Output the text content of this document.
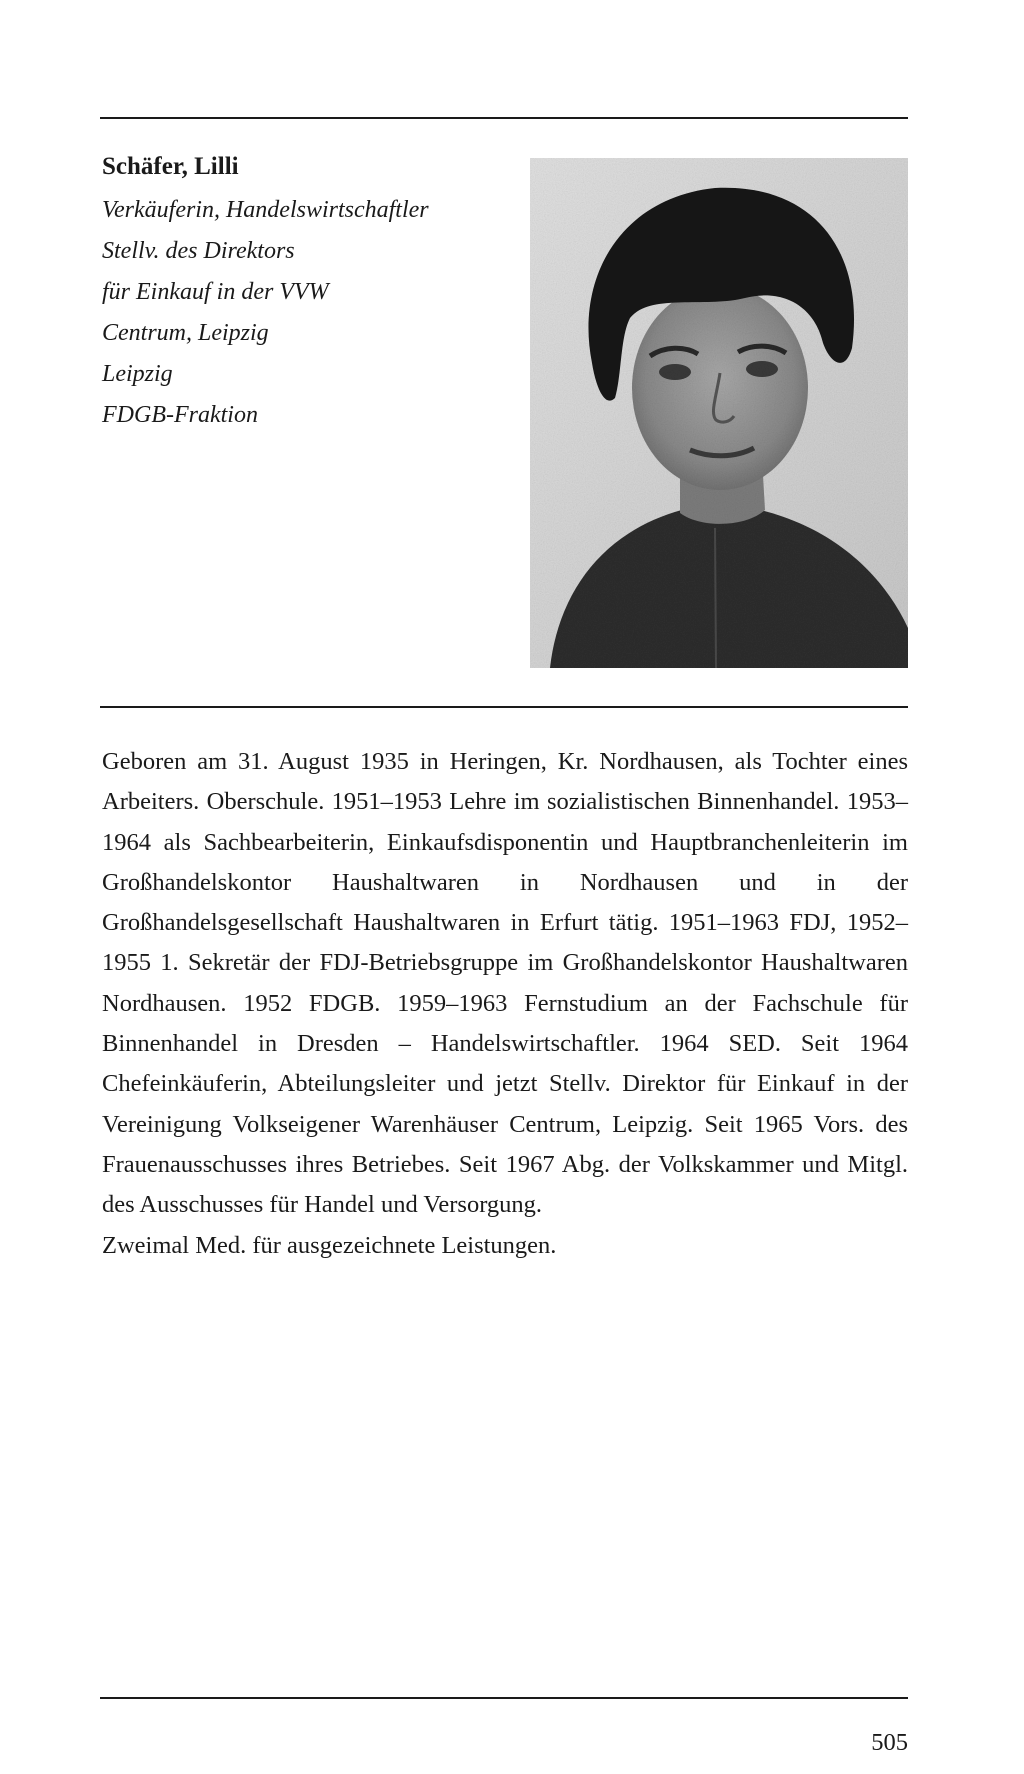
Schäfer, Lilli
Verkäuferin, Handelswirtschaftler
Stellv. des Direktors
für Einkauf in der VVW
Centrum, Leipzig
Leipzig
FDGB-Fraktion

Geboren am 31. August 1935 in Heringen, Kr. Nordhausen, als Tochter eines Arbeiters. Oberschule. 1951–1953 Lehre im sozialistischen Binnenhandel. 1953–1964 als Sachbearbeiterin, Einkaufsdisponentin und Hauptbranchenleiterin im Großhandelskontor Haushaltwaren in Nordhausen und in der Großhandelsgesellschaft Haushaltwaren in Erfurt tätig. 1951–1963 FDJ, 1952–1955 1. Sekretär der FDJ-Betriebsgruppe im Großhandelskontor Haushaltwaren Nordhausen. 1952 FDGB. 1959–1963 Fernstudium an der Fachschule für Binnenhandel in Dresden – Handelswirtschaftler. 1964 SED. Seit 1964 Chefeinkäuferin, Abteilungsleiter und jetzt Stellv. Direktor für Einkauf in der Vereinigung Volkseigener Warenhäuser Centrum, Leipzig. Seit 1965 Vors. des Frauenausschusses ihres Betriebes. Seit 1967 Abg. der Volkskammer und Mitgl. des Ausschusses für Handel und Versorgung.

Zweimal Med. für ausgezeichnete Leistungen.

505
